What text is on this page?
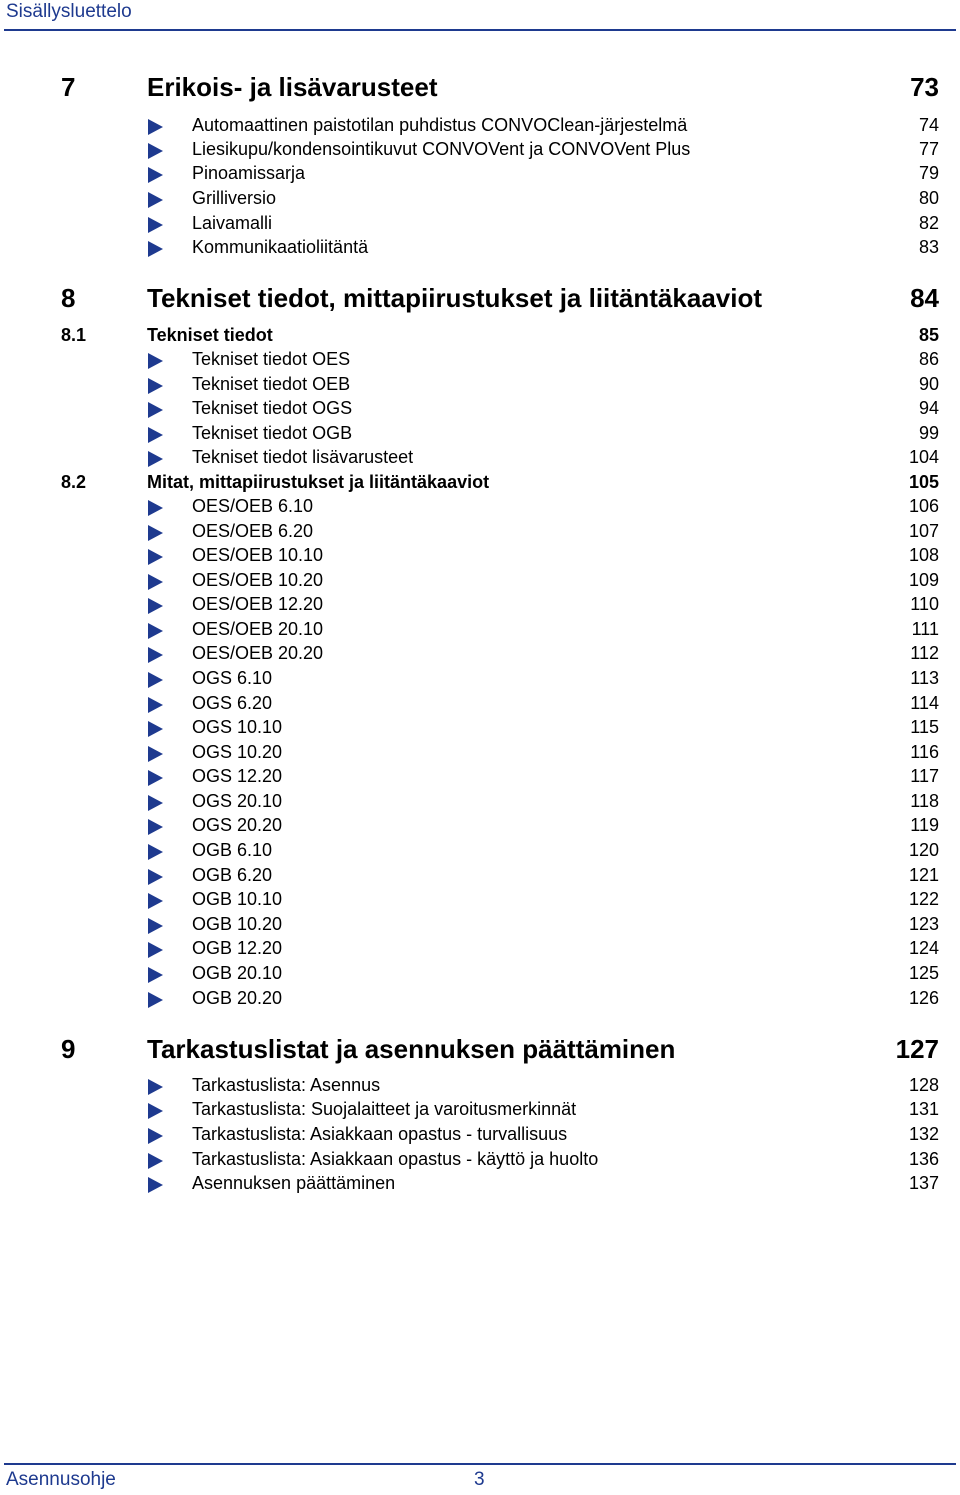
Sisällysluettelo
7	Erikois- ja lisävarusteet	73
Automaattinen paistotilan puhdistus CONVOClean-järjestelmä	74
Liesikupu/kondensointikuvut CONVOVent ja CONVOVent Plus	77
Pinoamissarja	79
Grilliversio	80
Laivamalli	82
Kommunikaatioliitäntä	83
8	Tekniset tiedot, mittapiirustukset ja liitäntäkaaviot	84
8.1	Tekniset tiedot	85
Tekniset tiedot OES	86
Tekniset tiedot OEB	90
Tekniset tiedot OGS	94
Tekniset tiedot OGB	99
Tekniset tiedot lisävarusteet	104
8.2	Mitat, mittapiirustukset ja liitäntäkaaviot	105
OES/OEB 6.10	106
OES/OEB 6.20	107
OES/OEB 10.10	108
OES/OEB 10.20	109
OES/OEB 12.20	110
OES/OEB 20.10	111
OES/OEB 20.20	112
OGS 6.10	113
OGS 6.20	114
OGS 10.10	115
OGS 10.20	116
OGS 12.20	117
OGS 20.10	118
OGS 20.20	119
OGB 6.10	120
OGB 6.20	121
OGB 10.10	122
OGB 10.20	123
OGB 12.20	124
OGB 20.10	125
OGB 20.20	126
9	Tarkastuslistat ja asennuksen päättäminen	127
Tarkastuslista: Asennus	128
Tarkastuslista: Suojalaitteet ja varoitusmerkinnät	131
Tarkastuslista: Asiakkaan opastus - turvallisuus	132
Tarkastuslista: Asiakkaan opastus - käyttö ja huolto	136
Asennuksen päättäminen	137
Asennusohje	3
